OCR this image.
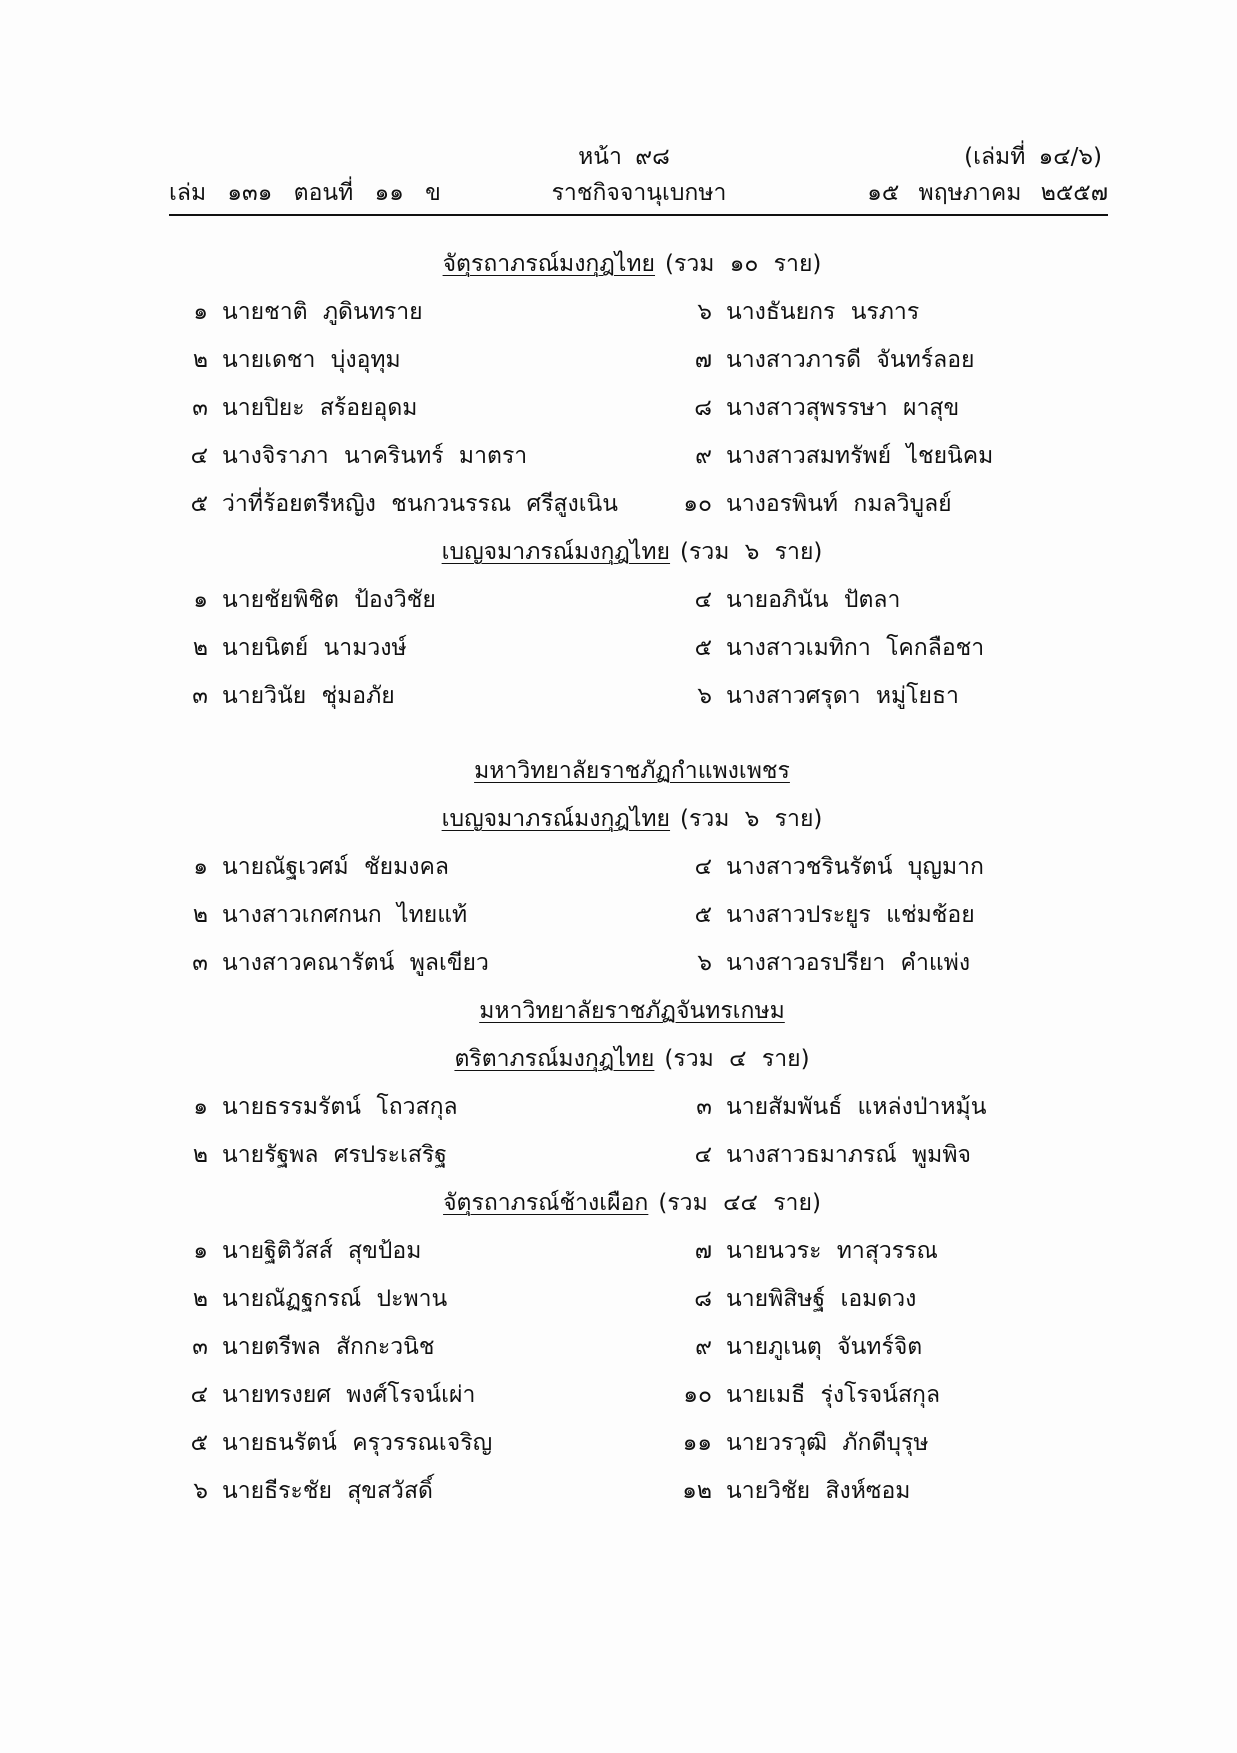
หน้า ๙๘	(เล่มที่ ๑๔/๖)
เล่ม ๑๓๑ ตอนที่ ๑๑ ข	ราชกิจจานุเบกษา	๑๕ พฤษภาคม ๒๕๕๗
จัตุรถาภรณ์มงกุฎไทย (รวม ๑๐ ราย)
๑ นายชาติ ภูดินทราย	๖ นางธันยกร นรภาร
๒ นายเดชา บุ่งอุทุม	๗ นางสาวภารดี จันทร์ลอย
๓ นายปิยะ สร้อยอุดม	๘ นางสาวสุพรรษา ผาสุข
๔ นางจิราภา นาครินทร์ มาตรา	๙ นางสาวสมทรัพย์ ไชยนิคม
๕ ว่าที่ร้อยตรีหญิง ชนกวนรรณ ศรีสูงเนิน	๑๐ นางอรพินท์ กมลวิบูลย์
เบญจมาภรณ์มงกุฎไทย (รวม ๖ ราย)
๑ นายชัยพิชิต ป้องวิชัย	๔ นายอภินัน ปัตลา
๒ นายนิตย์ นามวงษ์	๕ นางสาวเมทิกา โคกลือชา
๓ นายวินัย ชุ่มอภัย	๖ นางสาวศรุดา หมู่โยธา
มหาวิทยาลัยราชภัฏกำแพงเพชร
เบญจมาภรณ์มงกุฎไทย (รวม ๖ ราย)
๑ นายณัฐเวศม์ ชัยมงคล	๔ นางสาวชรินรัตน์ บุญมาก
๒ นางสาวเกศกนก ไทยแท้	๕ นางสาวประยูร แช่มช้อย
๓ นางสาวคณารัตน์ พูลเขียว	๖ นางสาวอรปรียา คำแพ่ง
มหาวิทยาลัยราชภัฏจันทรเกษม
ตริตาภรณ์มงกุฎไทย (รวม ๔ ราย)
๑ นายธรรมรัตน์ โถวสกุล	๓ นายสัมพันธ์ แหล่งป่าหมุ้น
๒ นายรัฐพล ศรประเสริฐ	๔ นางสาวธมาภรณ์ พูมพิจ
จัตุรถาภรณ์ช้างเผือก (รวม ๔๔ ราย)
๑ นายฐิติวัสส์ สุขป้อม	๗ นายนวระ ทาสุวรรณ
๒ นายณัฏฐกรณ์ ปะพาน	๘ นายพิสิษฐ์ เอมดวง
๓ นายตรีพล สักกะวนิช	๙ นายภูเนตุ จันทร์จิต
๔ นายทรงยศ พงศ์โรจน์เผ่า	๑๐ นายเมธี รุ่งโรจน์สกุล
๕ นายธนรัตน์ ครุวรรณเจริญ	๑๑ นายวรวุฒิ ภักดีบุรุษ
๖ นายธีระชัย สุขสวัสดิ์	๑๒ นายวิชัย สิงห์ซอม
